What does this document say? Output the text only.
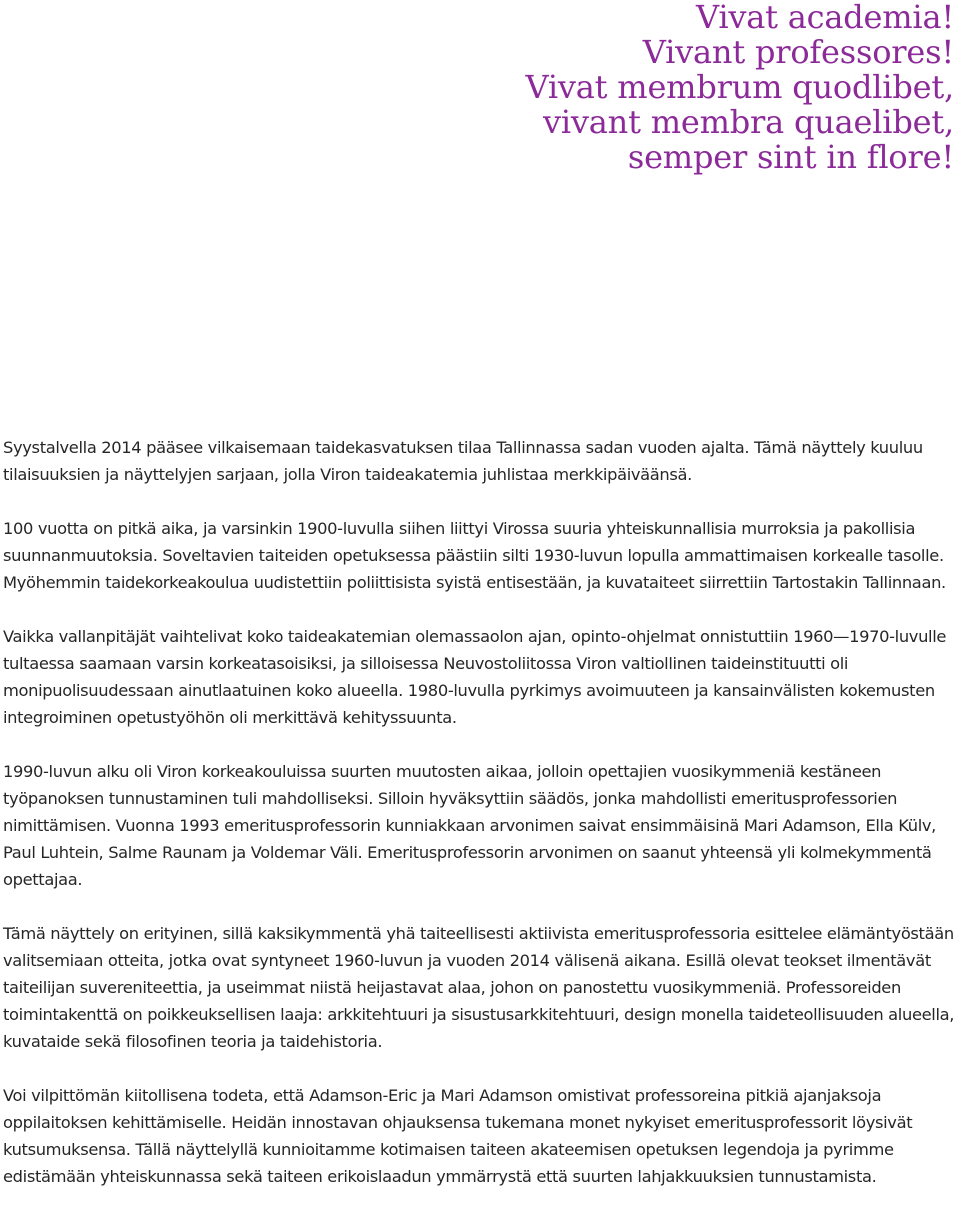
Vivat academia!
Vivant professores!
Vivat membrum quodlibet,
vivant membra quaelibet,
semper sint in flore!

Syystalvella 2014 pääsee vilkaisemaan taidekasvatuksen tilaa Tallinnassa sadan vuoden ajalta. Tämä näyttely kuuluu tilaisuuksien ja näyttelyjen sarjaan, jolla Viron taideakatemia juhlistaa merkkipäiväänsä.

100 vuotta on pitkä aika, ja varsinkin 1900-luvulla siihen liittyi Virossa suuria yhteiskunnallisia murroksia ja pakollisia suunnanmuutoksia. Soveltavien taiteiden opetuksessa päästiin silti 1930-luvun lopulla ammattimaisen korkealle tasolle. Myöhemmin taidekorkeakoulua uudistettiin poliittisista syistä entisestään, ja kuvataiteet siirrettiin Tartostakin Tallinnaan.

Vaikka vallanpitäjät vaihtelivat koko taideakatemian olemassaolon ajan, opinto-ohjelmat onnistuttiin 1960—1970-luvulle tultaessa saamaan varsin korkeatasoisiksi, ja silloisessa Neuvostoliitossa Viron valtiollinen taideinstituutti oli monipuolisuudessaan ainutlaatuinen koko alueella. 1980-luvulla pyrkimys avoimuuteen ja kansainvälisten kokemusten integroiminen opetustyöhön oli merkittävä kehityssuunta.

1990-luvun alku oli Viron korkeakouluissa suurten muutosten aikaa, jolloin opettajien vuosikymmeniä kestäneen työpanoksen tunnustaminen tuli mahdolliseksi. Silloin hyväksyttiin säädös, jonka mahdollisti emeritusprofessorien nimittämisen. Vuonna 1993 emeritusprofessorin kunniakkaan arvonimen saivat ensimmäisinä Mari Adamson, Ella Külv, Paul Luhtein, Salme Raunam ja Voldemar Väli. Emeritusprofessorin arvonimen on saanut yhteensä yli kolmekymmentä opettajaa.

Tämä näyttely on erityinen, sillä kaksikymmentä yhä taiteellisesti aktiivista emeritusprofessoria esittelee elämäntyöstään valitsemiaan otteita, jotka ovat syntyneet 1960-luvun ja vuoden 2014 välisenä aikana. Esillä olevat teokset ilmentävät taiteilijan suvereniteettia, ja useimmat niistä heijastavat alaa, johon on panostettu vuosikymmeniä. Professoreiden toimintakenttä on poikkeuksellisen laaja: arkkitehtuuri ja sisustusarkkitehtuuri, design monella taideteollisuuden alueella, kuvataide sekä filosofinen teoria ja taidehistoria.

Voi vilpittömän kiitollisena todeta, että Adamson-Eric ja Mari Adamson omistivat professoreina pitkiä ajanjaksoja oppilaitoksen kehittämiselle. Heidän innostavan ohjauksensa tukemana monet nykyiset emeritusprofessorit löysivät kutsumuksensa. Tällä näyttelyllä kunnioitamme kotimaisen taiteen akateemisen opetuksen legendoja ja pyrimme edistämään yhteiskunnassa sekä taiteen erikoislaadun ymmärrystä että suurten lahjakkuuksien tunnustamista.
